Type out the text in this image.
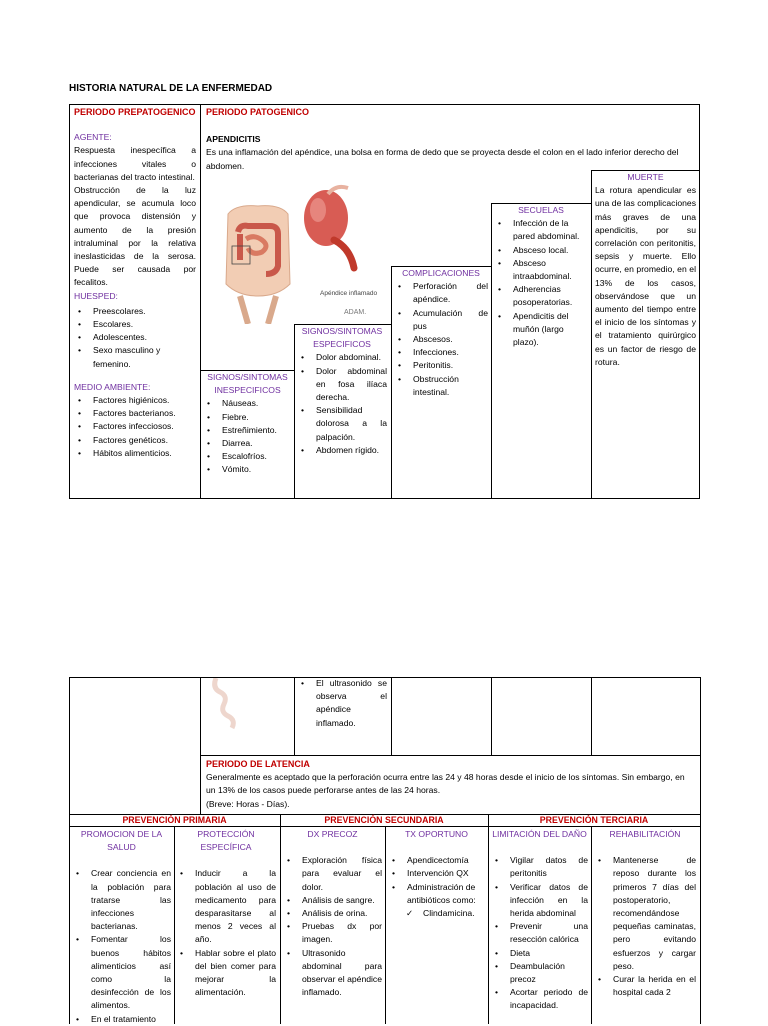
HISTORIA NATURAL DE LA ENFERMEDAD
PERIODO PREPATOGENICO
AGENTE:
Respuesta inespecífica a infecciones vitales o bacterianas del tracto intestinal.
Obstrucción de la luz apendicular, se acumula loco que provoca distensión y aumento de la presión intraluminal por la relativa ineslasticidas de la serosa. Puede ser causada por fecalitos.
HUESPED:
• Preescolares.
• Escolares.
• Adolescentes.
• Sexo masculino y femenino.
MEDIO AMBIENTE:
• Factores higiénicos.
• Factores bacterianos.
• Factores infecciosos.
• Factores genéticos.
• Hábitos alimenticios.
PERIODO PATOGENICO
APENDICITIS
Es una inflamación del apéndice, una bolsa en forma de dedo que se proyecta desde el colon en el lado inferior derecho del abdomen.
Apéndice inflamado
ADAM.
SIGNOS/SINTOMAS INESPECIFICOS
• Náuseas.
• Fiebre.
• Estreñimiento.
• Diarrea.
• Escalofríos.
• Vómito.
SIGNOS/SINTOMAS ESPECIFICOS
• Dolor abdominal.
• Dolor abdominal en fosa ilíaca derecha.
• Sensibilidad dolorosa a la palpación.
• Abdomen rígido.
COMPLICACIONES
• Perforación del apéndice.
• Acumulación de pus
• Abscesos.
• Infecciones.
• Peritonitis.
• Obstrucción intestinal.
SECUELAS
• Infección de la pared abdominal.
• Absceso local.
• Absceso intraabdominal.
• Adherencias posoperatorias.
• Apendicitis del muñón (largo plazo).
MUERTE
La rotura apendicular es una de las complicaciones más graves de una apendicitis, por su correlación con peritonitis, sepsis y muerte. Ello ocurre, en promedio, en el 13% de los casos, observándose que un aumento del tiempo entre el inicio de los síntomas y el tratamiento quirúrgico es un factor de riesgo de rotura.
• El ultrasonido se observa el apéndice inflamado.
PERIODO DE LATENCIA
Generalmente es aceptado que la perforación ocurra entre las 24 y 48 horas desde el inicio de los síntomas. Sin embargo, en un 13% de los casos puede perforarse antes de las 24 horas.
(Breve: Horas - Días).
PREVENCIÓN PRIMARIA	PREVENCIÓN SECUNDARIA	PREVENCIÓN TERCIARIA
PROMOCION DE LA SALUD
• Crear conciencia en la población para tratarse las infecciones bacterianas.
• Fomentar los buenos hábitos alimenticios así como la desinfección de los alimentos.
• En el tratamiento
PROTECCIÓN ESPECÍFICA
• Inducir a la población al uso de medicamento para desparasitarse al menos 2 veces al año.
• Hablar sobre el plato del bien comer para mejorar la alimentación.
DX PRECOZ
• Exploración física para evaluar el dolor.
• Análisis de sangre.
• Análisis de orina.
• Pruebas dx por imagen.
• Ultrasonido abdominal para observar el apéndice inflamado.
TX OPORTUNO
• Apendicectomía
• Intervención QX
• Administración de antibióticos como:
✓ Clindamicina.
LIMITACIÓN DEL DAÑO
• Vigilar datos de peritonitis
• Verificar datos de infección en la herida abdominal
• Prevenir una resección calórica
• Dieta
• Deambulación precoz
• Acortar periodo de incapacidad.
REHABILITACIÓN
• Mantenerse de reposo durante los primeros 7 días del postoperatorio, recomendándose pequeñas caminatas, pero evitando esfuerzos y cargar peso.
• Curar la herida en el hospital cada 2
